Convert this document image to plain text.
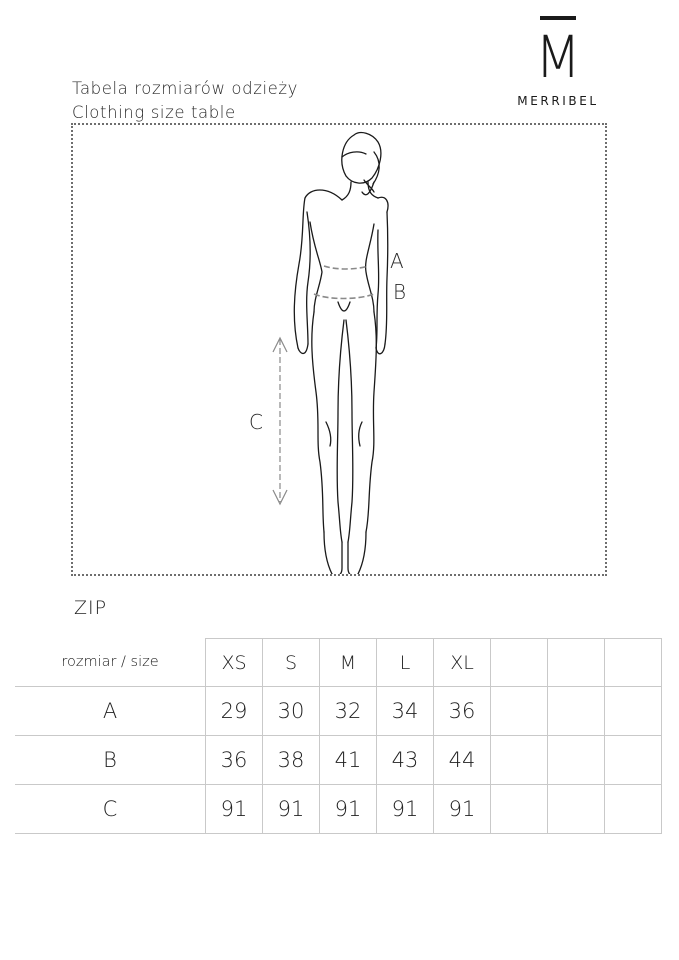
Tabela rozmiarów odzieży
Clothing size table
M
MERRIBEL
A
B
C
ZIP
rozmiar / size	XS	S	M	L	XL			
A	29	30	32	34	36			
B	36	38	41	43	44			
C	91	91	91	91	91			
